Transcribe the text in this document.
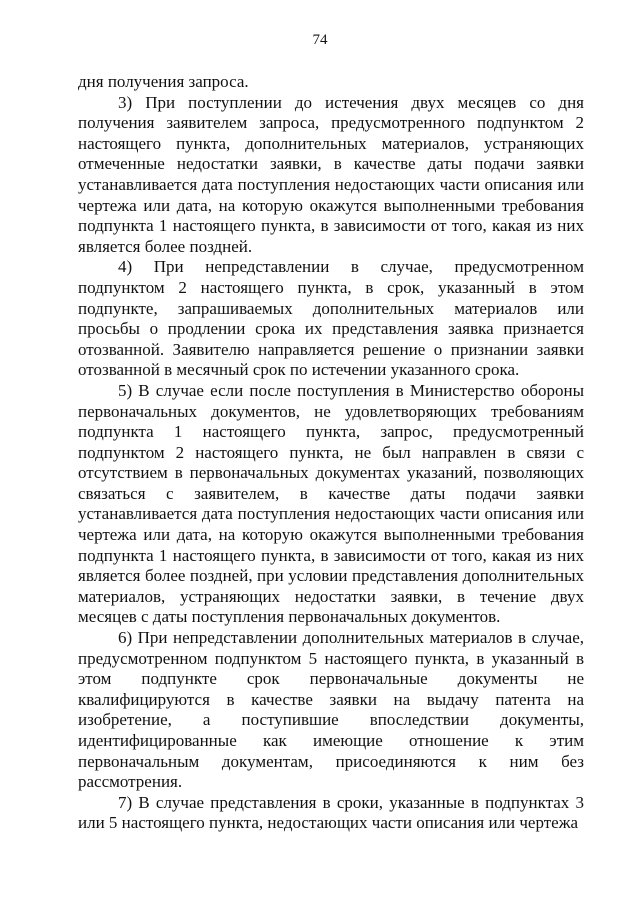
74

дня получения запроса.

3) При поступлении до истечения двух месяцев со дня получения заявителем запроса, предусмотренного подпунктом 2 настоящего пункта, дополнительных материалов, устраняющих отмеченные недостатки заявки, в качестве даты подачи заявки устанавливается дата поступления недостающих части описания или чертежа или дата, на которую окажутся выполненными требования подпункта 1 настоящего пункта, в зависимости от того, какая из них является более поздней.

4) При непредставлении в случае, предусмотренном подпунктом 2 настоящего пункта, в срок, указанный в этом подпункте, запрашиваемых дополнительных материалов или просьбы о продлении срока их представления заявка признается отозванной. Заявителю направляется решение о признании заявки отозванной в месячный срок по истечении указанного срока.

5) В случае если после поступления в Министерство обороны первоначальных документов, не удовлетворяющих требованиям подпункта 1 настоящего пункта, запрос, предусмотренный подпунктом 2 настоящего пункта, не был направлен в связи с отсутствием в первоначальных документах указаний, позволяющих связаться с заявителем, в качестве даты подачи заявки устанавливается дата поступления недостающих части описания или чертежа или дата, на которую окажутся выполненными требования подпункта 1 настоящего пункта, в зависимости от того, какая из них является более поздней, при условии представления дополнительных материалов, устраняющих недостатки заявки, в течение двух месяцев с даты поступления первоначальных документов.

6) При непредставлении дополнительных материалов в случае, предусмотренном подпунктом 5 настоящего пункта, в указанный в этом подпункте срок первоначальные документы не квалифицируются в качестве заявки на выдачу патента на изобретение, а поступившие впоследствии документы, идентифицированные как имеющие отношение к этим первоначальным документам, присоединяются к ним без рассмотрения.

7) В случае представления в сроки, указанные в подпунктах 3 или 5 настоящего пункта, недостающих части описания или чертежа
